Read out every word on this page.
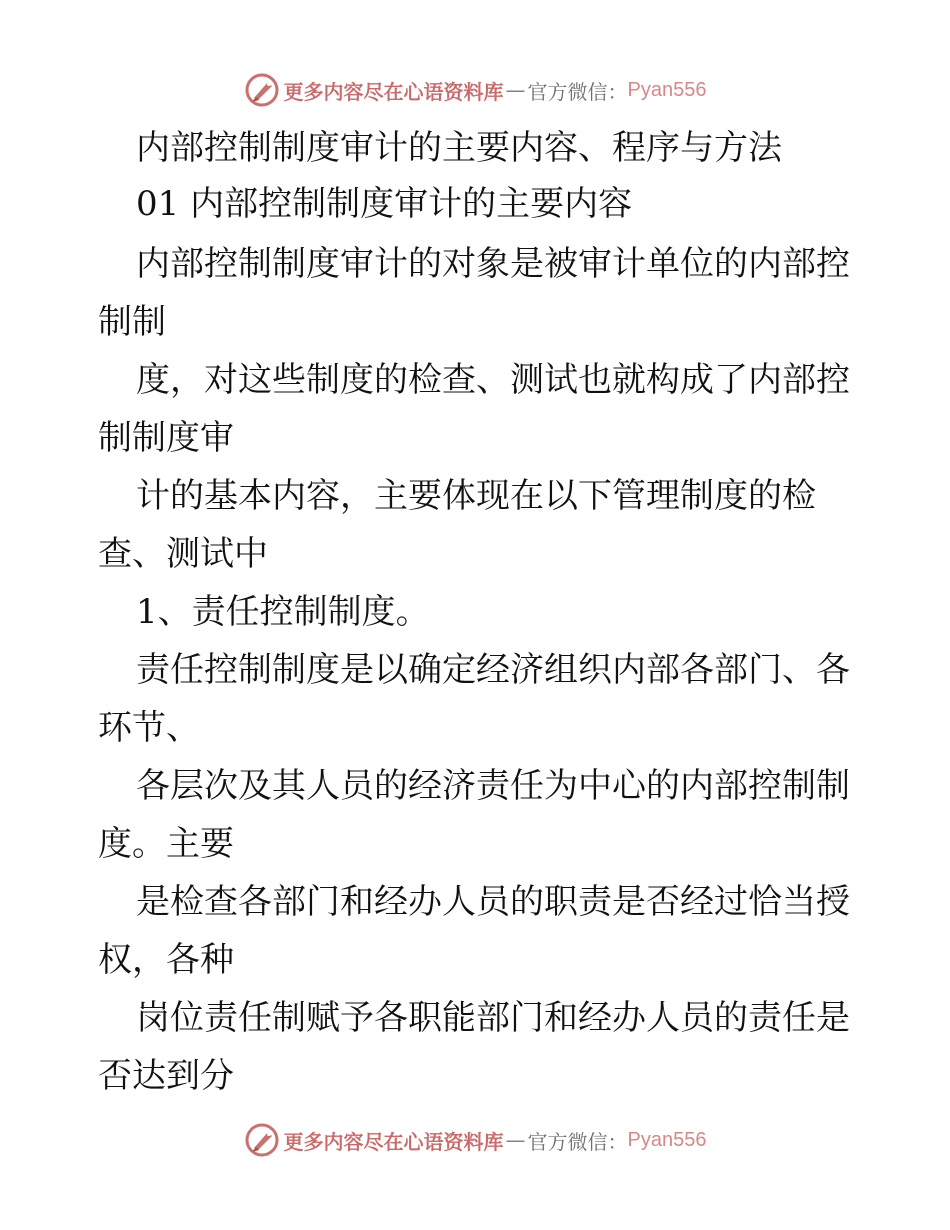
更多内容尽在心语资料库 — 官方微信： Pyan556
内部控制制度审计的主要内容、程序与方法
01 内部控制制度审计的主要内容
内部控制制度审计的对象是被审计单位的内部控
制制
度，对这些制度的检查、测试也就构成了内部控
制制度审
计的基本内容，主要体现在以下管理制度的检
查、测试中
1、责任控制制度。
责任控制制度是以确定经济组织内部各部门、各
环节、
各层次及其人员的经济责任为中心的内部控制制
度。主要
是检查各部门和经办人员的职责是否经过恰当授
权，各种
岗位责任制赋予各职能部门和经办人员的责任是
否达到分
更多内容尽在心语资料库 — 官方微信： Pyan556
